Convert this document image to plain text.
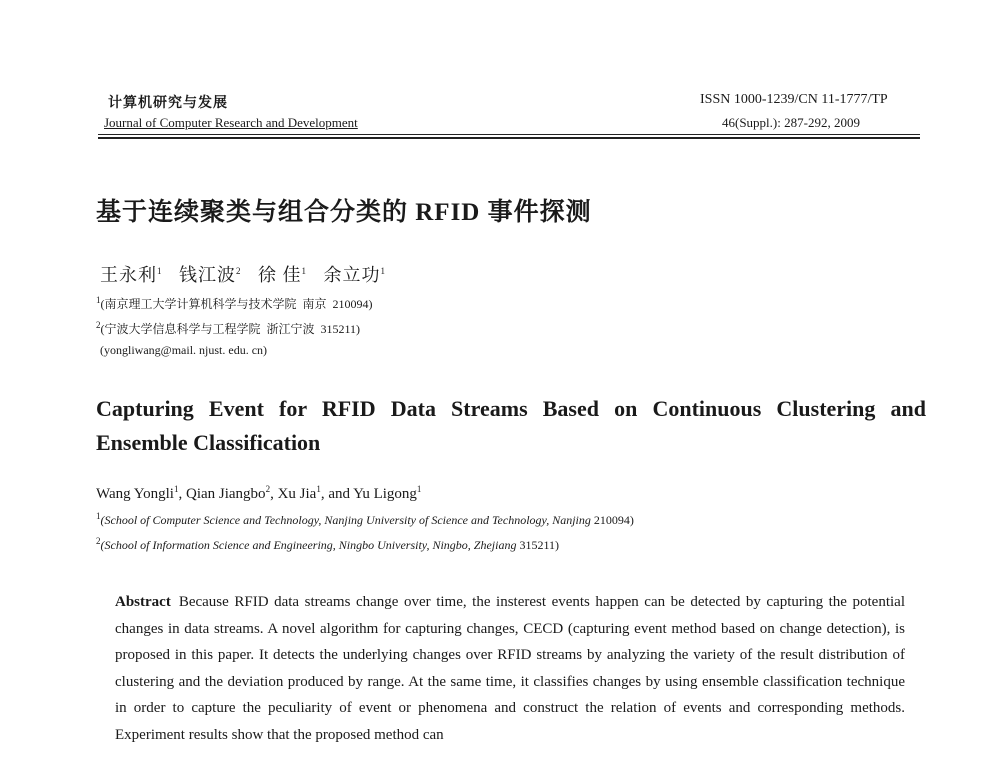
计算机研究与发展
Journal of Computer Research and Development
ISSN 1000-1239/CN 11-1777/TP
46(Suppl.): 287-292, 2009
基于连续聚类与组合分类的 RFID 事件探测
王永利$^1$ 钱江波$^2$ 徐 佳$^1$ 余立功$^1$
$^1$(南京理工大学计算机科学与技术学院  南京  210094)
$^2$(宁波大学信息科学与工程学院  浙江宁波  315211)
(yongliwang@mail. njust. edu. cn)
Capturing Event for RFID Data Streams Based on Continuous Clustering and Ensemble Classification
Wang Yongli$^1$, Qian Jiangbo$^2$, Xu Jia$^1$, and Yu Ligong$^1$
$^1$(School of Computer Science and Technology, Nanjing University of Science and Technology, Nanjing 210094)
$^2$(School of Information Science and Engineering, Ningbo University, Ningbo, Zhejiang 315211)
Abstract Because RFID data streams change over time, the insterest events happen can be detected by capturing the potential changes in data streams. A novel algorithm for capturing changes, CECD (capturing event method based on change detection), is proposed in this paper. It detects the underlying changes over RFID streams by analyzing the variety of the result distribution of clustering and the deviation produced by range. At the same time, it classifies changes by using ensemble classification technique in order to capture the peculiarity of event or phenomena and construct the relation of events and corresponding methods. Experiment results show that the proposed method can
